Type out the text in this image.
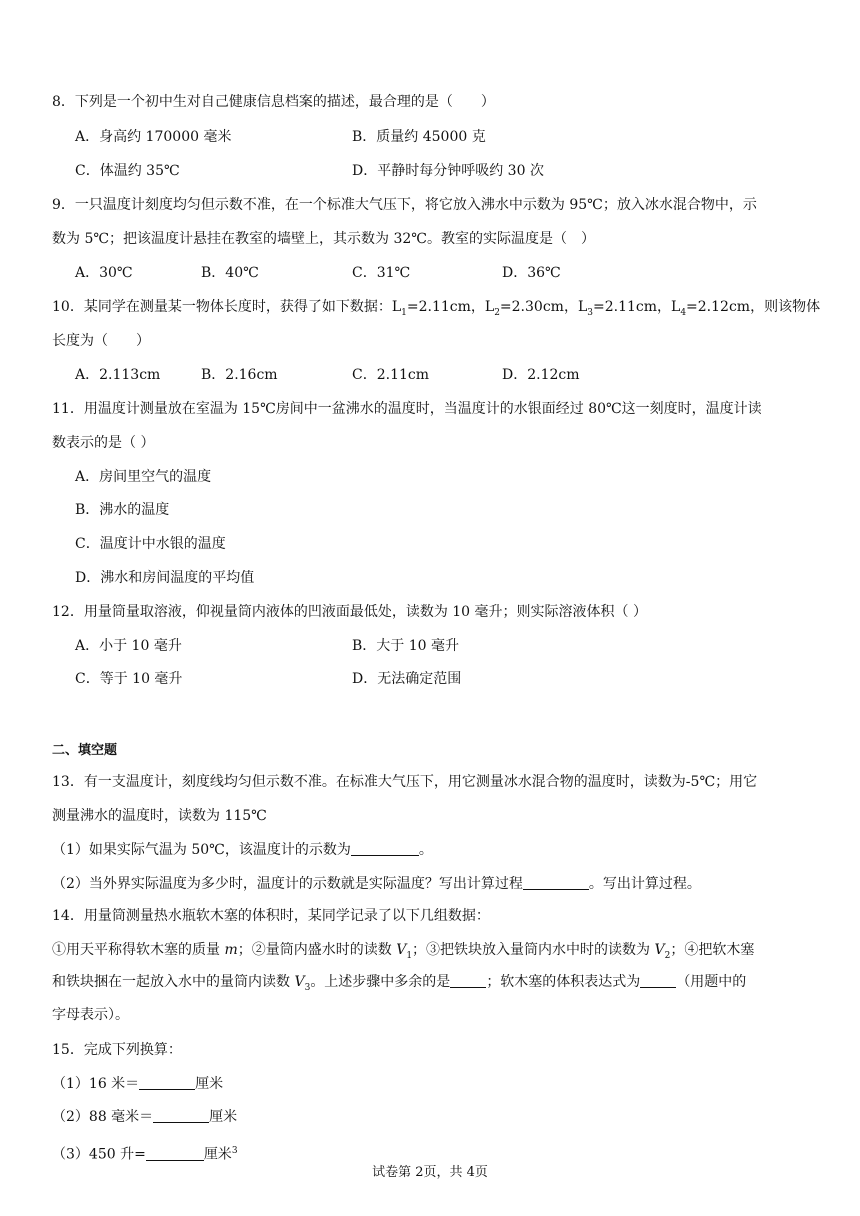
8．下列是一个初中生对自己健康信息档案的描述，最合理的是（　　）
A．身高约 170000 毫米	B．质量约 45000 克
C．体温约 35℃	D．平静时每分钟呼吸约 30 次
9．一只温度计刻度均匀但示数不准，在一个标准大气压下，将它放入沸水中示数为 95℃；放入冰水混合物中，示
数为 5℃；把该温度计悬挂在教室的墙壁上，其示数为 32℃。教室的实际温度是（　）
A．30℃	B．40℃	C．31℃	D．36℃
10．某同学在测量某一物体长度时，获得了如下数据：$L_1=2.11cm$，$L_2=2.30cm$，$L_3=2.11cm$，$L_4=2.12cm$，则该物体
长度为（　　）
A．2.113cm	B．2.16cm	C．2.11cm	D．2.12cm
11．用温度计测量放在室温为 15℃房间中一盆沸水的温度时，当温度计的水银面经过 80℃这一刻度时，温度计读
数表示的是（ ）
A．房间里空气的温度
B．沸水的温度
C．温度计中水银的温度
D．沸水和房间温度的平均值
12．用量筒量取溶液，仰视量筒内液体的凹液面最低处，读数为 10 毫升；则实际溶液体积（ ）
A．小于 10 毫升	B．大于 10 毫升
C．等于 10 毫升	D．无法确定范围
二、填空题
13．有一支温度计，刻度线均匀但示数不准。在标准大气压下，用它测量冰水混合物的温度时，读数为-5℃；用它
测量沸水的温度时，读数为 115℃
（1）如果实际气温为 50℃，该温度计的示数为	。
（2）当外界实际温度为多少时，温度计的示数就是实际温度？写出计算过程	。写出计算过程。
14．用量筒测量热水瓶软木塞的体积时，某同学记录了以下几组数据：
①用天平称得软木塞的质量 m；②量筒内盛水时的读数 $V_1$；③把铁块放入量筒内水中时的读数为 $V_2$；④把软木塞
和铁块捆在一起放入水中的量筒内读数 $V_3$。上述步骤中多余的是	；软木塞的体积表达式为	（用题中的
字母表示）。
15．完成下列换算：
（1）16 米＝	厘米
（2）88 毫米＝	厘米
（3）450 升=	厘米$^3$
试卷第 2页，共 4页
